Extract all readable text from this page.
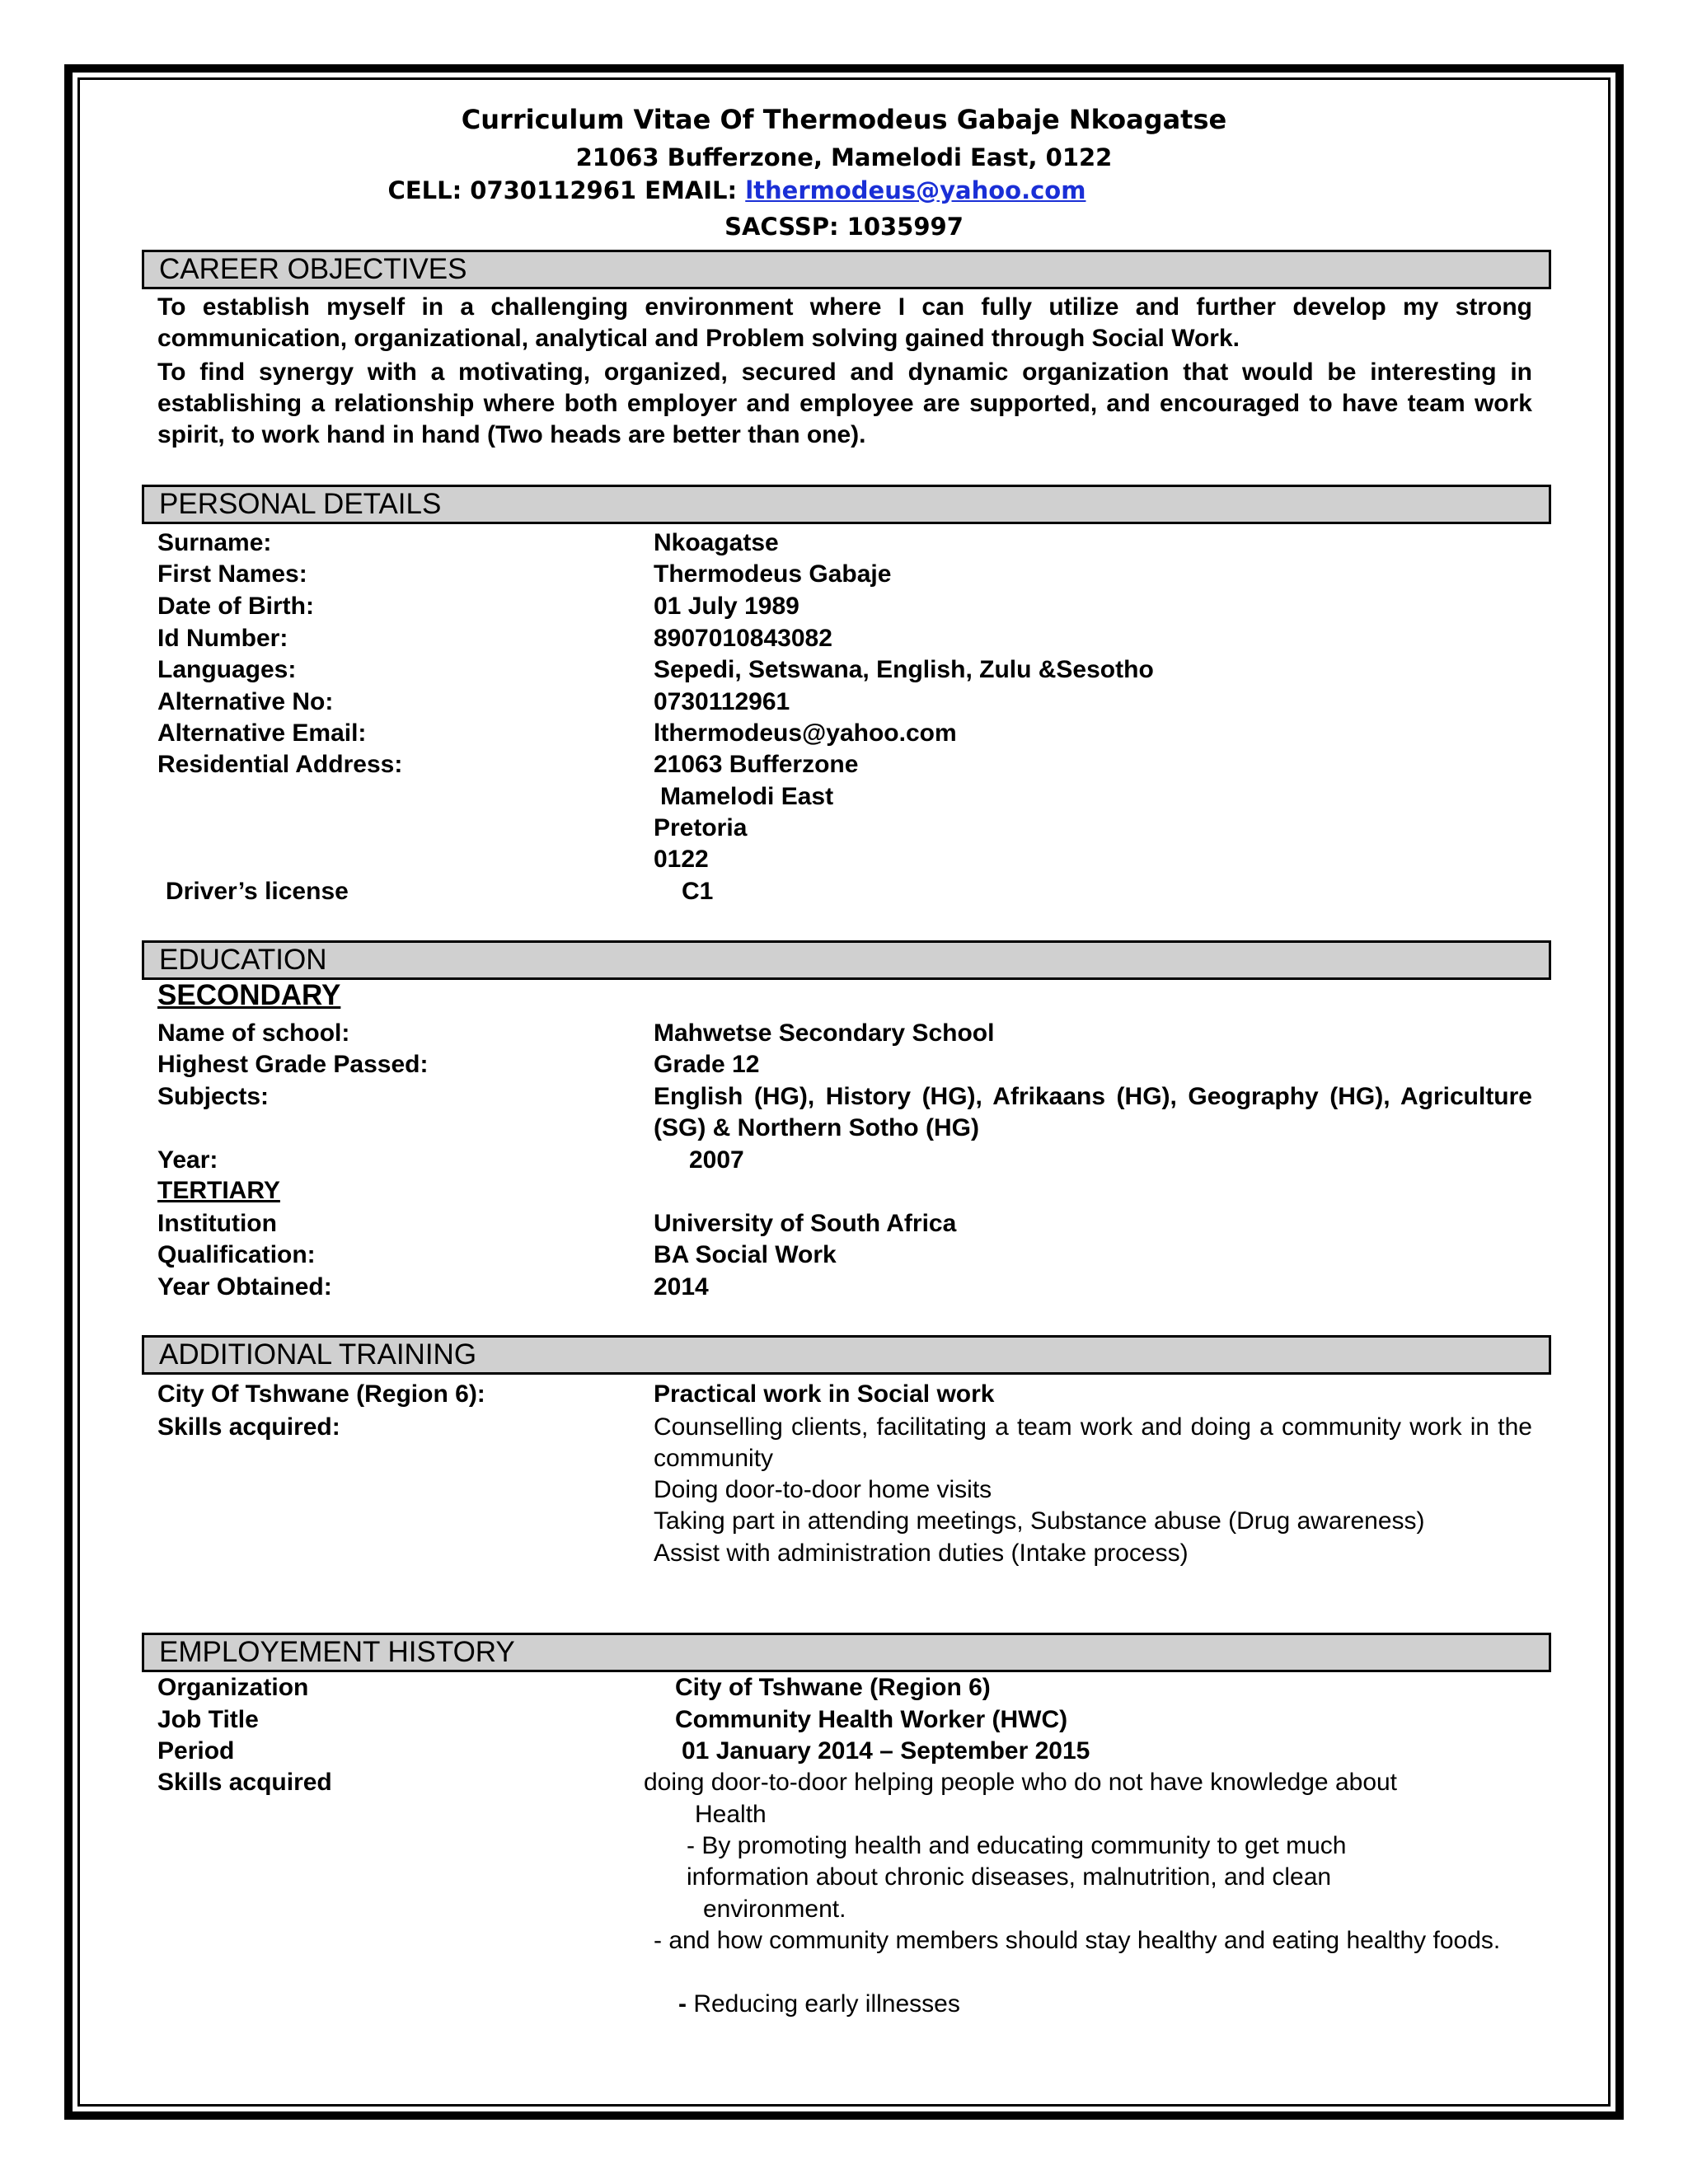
Curriculum Vitae Of Thermodeus Gabaje Nkoagatse
21063 Bufferzone, Mamelodi East, 0122
CELL: 0730112961 EMAIL: lthermodeus@yahoo.com
SACSSP: 1035997
CAREER OBJECTIVES
To establish myself in a challenging environment where I can fully utilize and further develop my strong communication, organizational, analytical and Problem solving gained through Social Work.
To find synergy with a motivating, organized, secured and dynamic organization that would be interesting in establishing a relationship where both employer and employee are supported, and encouraged to have team work spirit, to work hand in hand (Two heads are better than one).
PERSONAL DETAILS
Surname:	Nkoagatse
First Names:	Thermodeus Gabaje
Date of Birth:	01 July 1989
Id Number:	8907010843082
Languages:	Sepedi, Setswana, English, Zulu &Sesotho
Alternative No:	0730112961
Alternative Email:	lthermodeus@yahoo.com
Residential Address:	21063 Bufferzone
Mamelodi East
Pretoria
0122
Driver’s license	C1
EDUCATION
SECONDARY
Name of school:	Mahwetse Secondary School
Highest Grade Passed:	Grade 12
Subjects:	English (HG), History (HG), Afrikaans (HG), Geography (HG), Agriculture (SG) & Northern Sotho (HG)
Year:	2007
TERTIARY
Institution	University of South Africa
Qualification:	BA Social Work
Year Obtained:	2014
ADDITIONAL TRAINING
City Of Tshwane (Region 6):	Practical work in Social work
Skills acquired:	Counselling clients, facilitating a team work and doing a community work in the community
Doing door-to-door home visits
Taking part in attending meetings, Substance abuse (Drug awareness)
Assist with administration duties (Intake process)
EMPLOYEMENT HISTORY
Organization	City of Tshwane (Region 6)
Job Title	Community Health Worker (HWC)
Period	01 January 2014 – September 2015
Skills acquired	doing door-to-door helping people who do not have knowledge about
Health
- By promoting health and educating community to get much
information about chronic diseases, malnutrition, and clean
environment.
- and how community members should stay healthy and eating healthy foods.
- Reducing early illnesses
